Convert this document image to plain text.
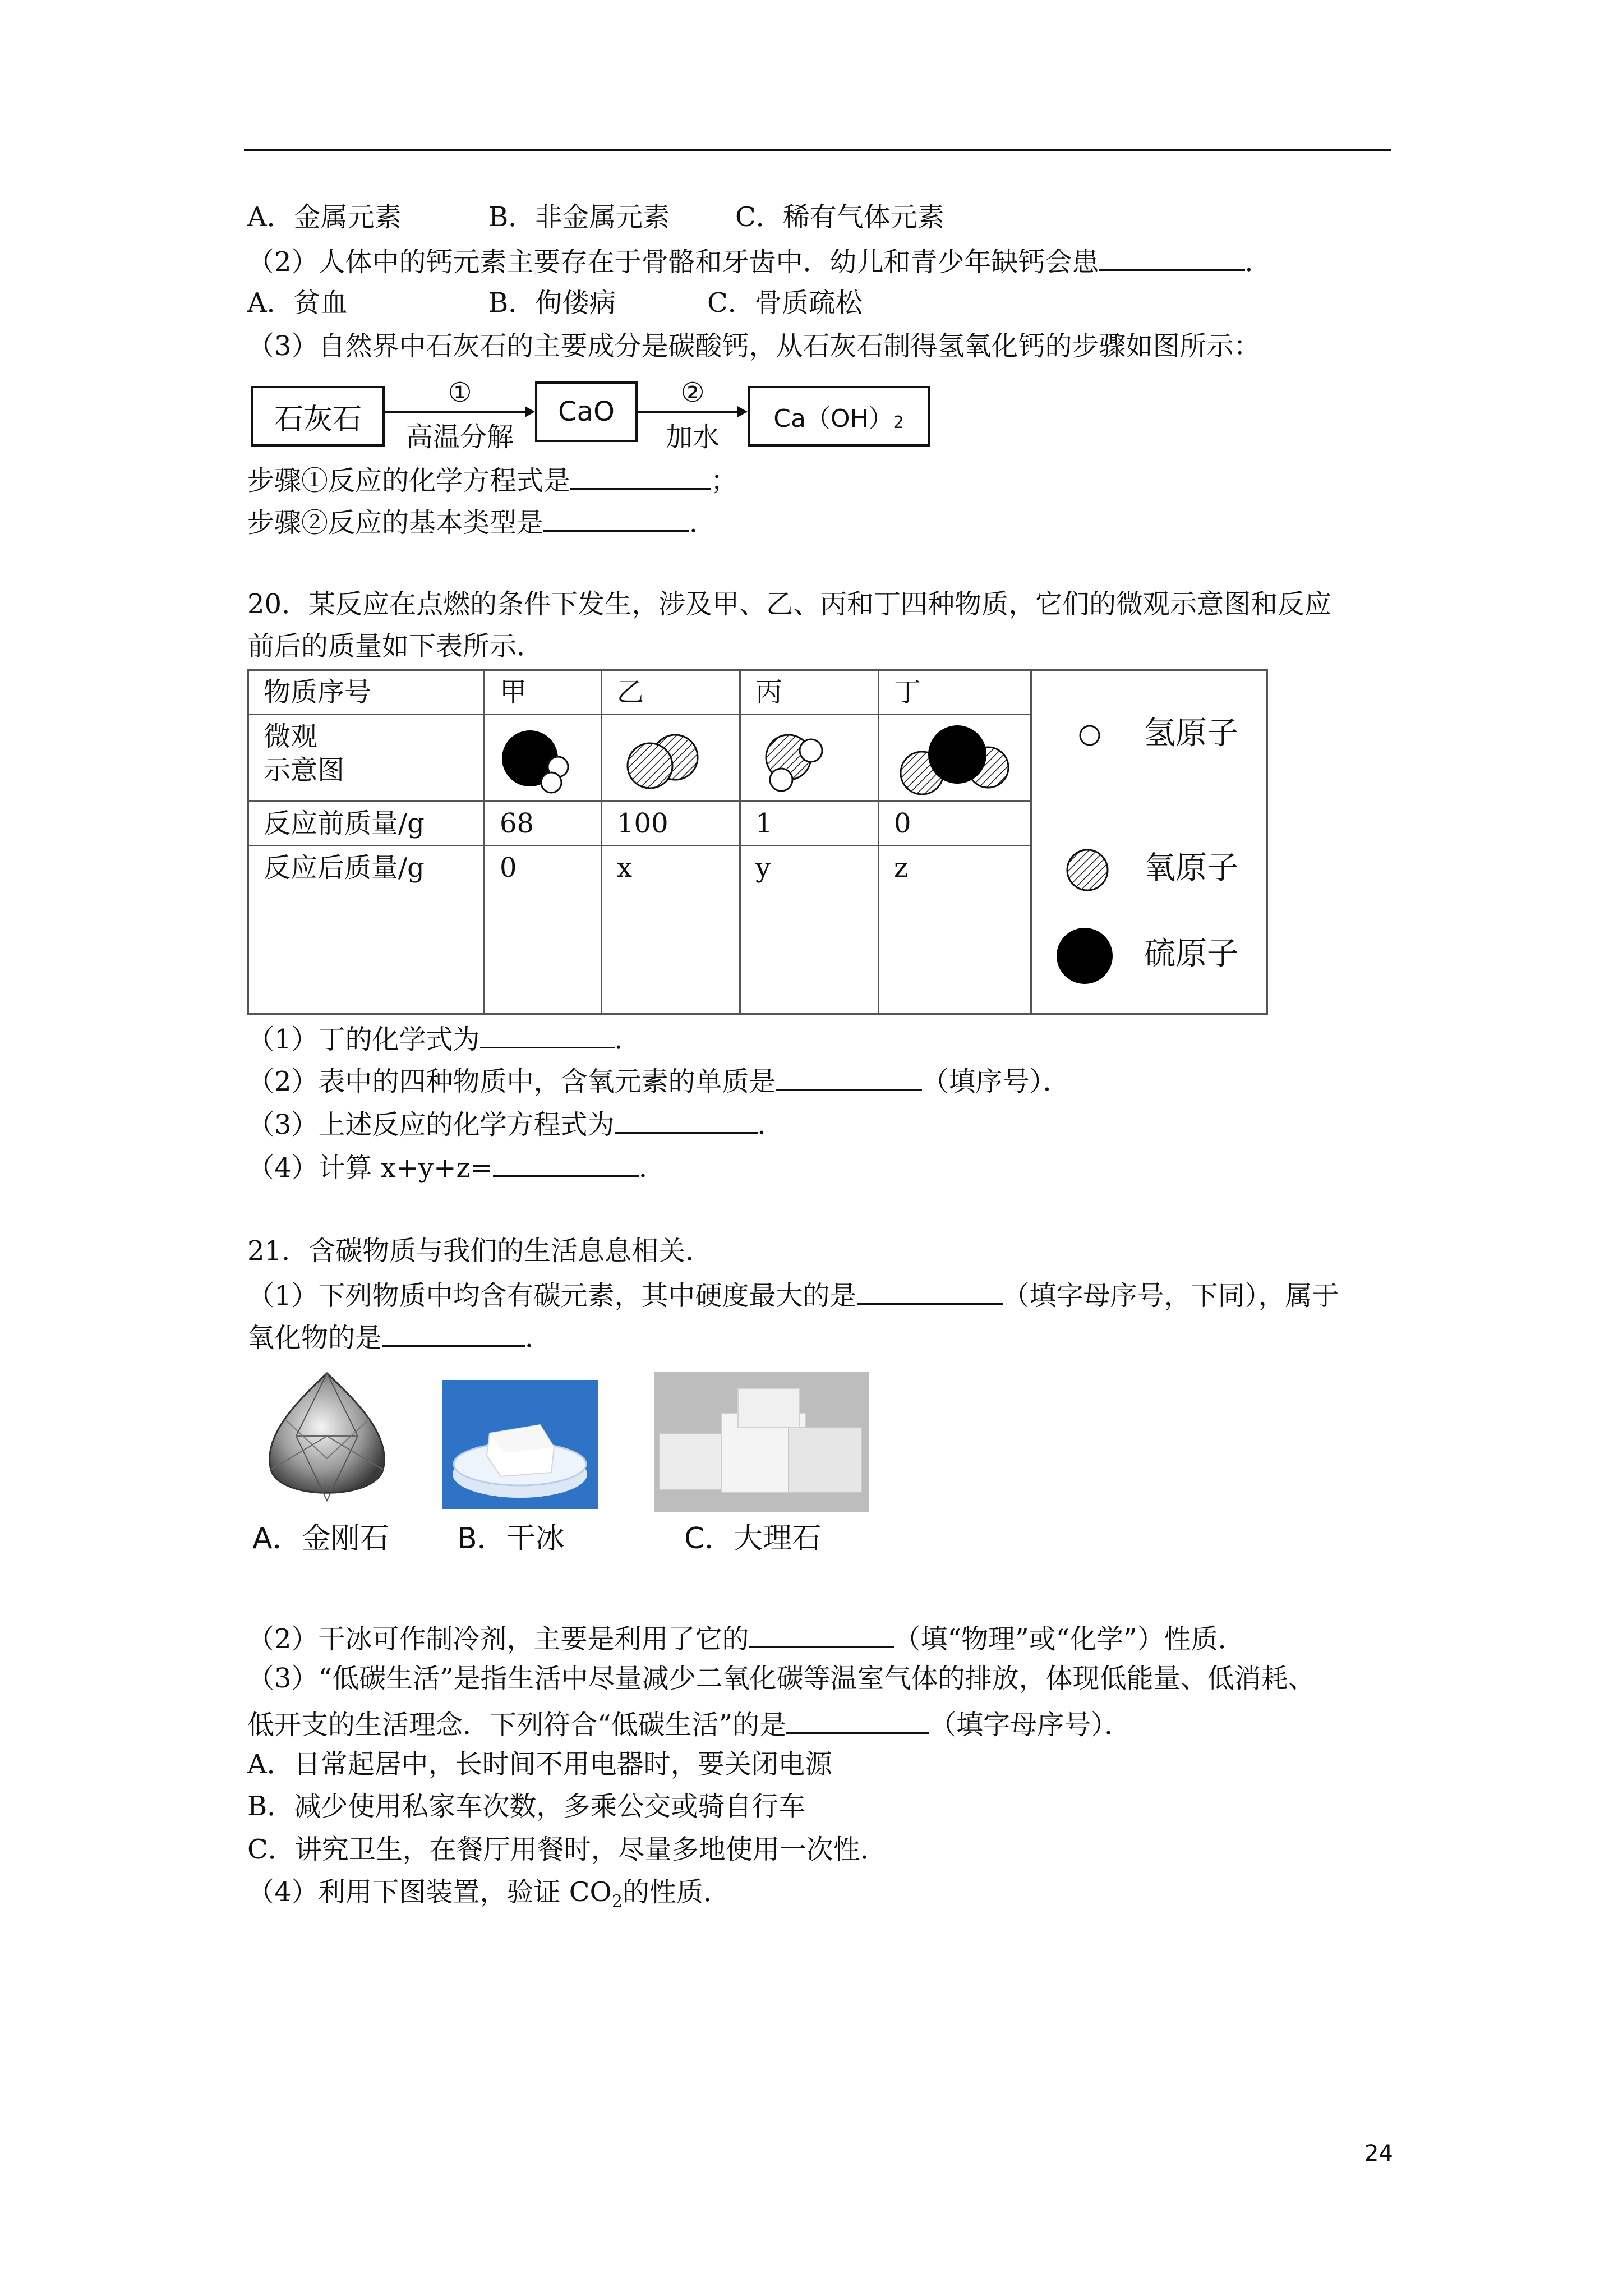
A．金属元素	B．非金属元素 C．稀有气体元素
（2）人体中的钙元素主要存在于骨骼和牙齿中．幼儿和青少年缺钙会患	．
A．贫血	B．佝偻病	C．骨质疏松
（3）自然界中石灰石的主要成分是碳酸钙，从石灰石制得氢氧化钙的步骤如图所示：
石灰石
①
高温分解
CaO
②
加水
Ca（OH） 2
步骤①反应的化学方程式是	；
步骤②反应的基本类型是	．
20．某反应在点燃的条件下发生，涉及甲、乙、丙和丁四种物质，它们的微观示意图和反应
前后的质量如下表所示．
物质序号	甲	乙	丙	丁	氢原子
氧原子
硫原子

微观
示意图

反应前质量/g	68	100	1	0	
反应后质量/g	0	x	y	z	
（1）丁的化学式为	．
（2）表中的四种物质中，含氧元素的单质是	（填序号）．
（3）上述反应的化学方程式为	．
（4）计算 x+y+z=	．
21．含碳物质与我们的生活息息相关．
（1）下列物质中均含有碳元素，其中硬度最大的是	（填字母序号，下同），属于
氧化物的是	．
A．金刚石 B．干冰	C．大理石
（2）干冰可作制冷剂，主要是利用了它的	（填“物理”或“化学”）性质．
（3）“低碳生活”是指生活中尽量减少二氧化碳等温室气体的排放，体现低能量、低消耗、
低开支的生活理念．下列符合“低碳生活”的是	（填字母序号）．
A．日常起居中，长时间不用电器时，要关闭电源
B．减少使用私家车次数，多乘公交或骑自行车
C．讲究卫生，在餐厅用餐时，尽量多地使用一次性．
（4）利用下图装置，验证 $CO_2$的性质．
24
